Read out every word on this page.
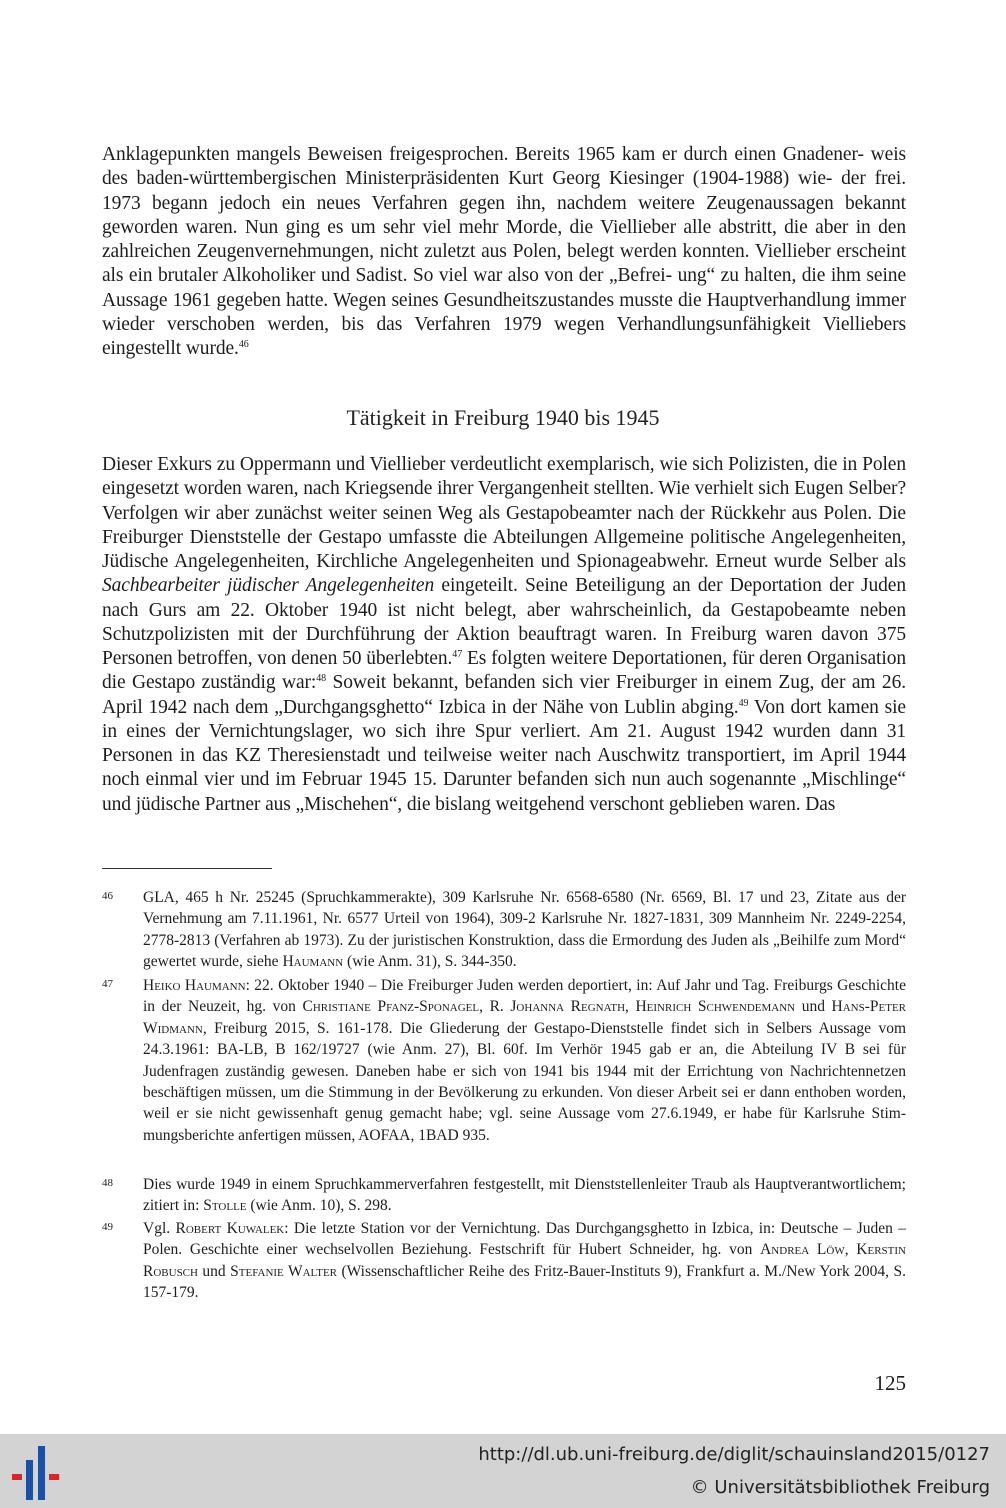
Anklagepunkten mangels Beweisen freigesprochen. Bereits 1965 kam er durch einen Gnadener- weis des baden-württembergischen Ministerpräsidenten Kurt Georg Kiesinger (1904-1988) wie- der frei. 1973 begann jedoch ein neues Verfahren gegen ihn, nachdem weitere Zeugenaussagen bekannt geworden waren. Nun ging es um sehr viel mehr Morde, die Viellieber alle abstritt, die aber in den zahlreichen Zeugenvernehmungen, nicht zuletzt aus Polen, belegt werden konnten. Viellieber erscheint als ein brutaler Alkoholiker und Sadist. So viel war also von der „Befrei- ung“ zu halten, die ihm seine Aussage 1961 gegeben hatte. Wegen seines Gesundheitszustandes musste die Hauptverhandlung immer wieder verschoben werden, bis das Verfahren 1979 wegen Verhandlungsunfähigkeit Vielliebers eingestellt wurde.$^{46}$
Tätigkeit in Freiburg 1940 bis 1945
Dieser Exkurs zu Oppermann und Viellieber verdeutlicht exemplarisch, wie sich Polizisten, die in Polen eingesetzt worden waren, nach Kriegsende ihrer Vergangenheit stellten. Wie verhielt sich Eugen Selber? Verfolgen wir aber zunächst weiter seinen Weg als Gestapobeamter nach der Rückkehr aus Polen. Die Freiburger Dienststelle der Gestapo umfasste die Abteilungen Allgemeine politische Angelegenheiten, Jüdische Angelegenheiten, Kirchliche Angelegenheiten und Spionageabwehr. Erneut wurde Selber als Sachbearbeiter jüdischer Angelegenheiten eingeteilt. Seine Beteiligung an der Deportation der Juden nach Gurs am 22. Oktober 1940 ist nicht belegt, aber wahrscheinlich, da Gestapobeamte neben Schutzpolizisten mit der Durchführung der Aktion beauftragt waren. In Freiburg waren davon 375 Personen betroffen, von denen 50 überlebten.$^{47}$ Es folgten weitere Deportationen, für deren Organisation die Gestapo zuständig war:$^{48}$ Soweit bekannt, befanden sich vier Freiburger in einem Zug, der am 26. April 1942 nach dem „Durchgangsghetto“ Izbica in der Nähe von Lublin abging.$^{49}$ Von dort kamen sie in eines der Vernichtungslager, wo sich ihre Spur verliert. Am 21. August 1942 wurden dann 31 Personen in das KZ Theresienstadt und teilweise weiter nach Auschwitz transportiert, im April 1944 noch einmal vier und im Februar 1945 15. Darunter befanden sich nun auch sogenannte „Mischlinge“ und jüdische Partner aus „Mischehen“, die bislang weitgehend verschont geblieben waren. Das
46 GLA, 465 h Nr. 25245 (Spruchkammerakte), 309 Karlsruhe Nr. 6568-6580 (Nr. 6569, Bl. 17 und 23, Zitate aus der Vernehmung am 7.11.1961, Nr. 6577 Urteil von 1964), 309-2 Karlsruhe Nr. 1827-1831, 309 Mannheim Nr. 2249-2254, 2778-2813 (Verfahren ab 1973). Zu der juristischen Konstruktion, dass die Ermordung des Juden als „Beihilfe zum Mord“ gewertet wurde, siehe Haumann (wie Anm. 31), S. 344-350.
47 Heiko Haumann: 22. Oktober 1940 – Die Freiburger Juden werden deportiert, in: Auf Jahr und Tag. Freiburgs Geschichte in der Neuzeit, hg. von Christiane Pfanz-Sponagel, R. Johanna Regnath, Heinrich Schwendemann und Hans-Peter Widmann, Freiburg 2015, S. 161-178. Die Gliederung der Gestapo-Dienststelle findet sich in Selbers Aussage vom 24.3.1961: BA-LB, B 162/19727 (wie Anm. 27), Bl. 60f. Im Verhör 1945 gab er an, die Abteilung IV B sei für Judenfragen zuständig gewesen. Daneben habe er sich von 1941 bis 1944 mit der Errichtung von Nachrichtennetzen beschäftigen müssen, um die Stimmung in der Bevölkerung zu erkunden. Von dieser Arbeit sei er dann enthoben worden, weil er sie nicht gewissenhaft genug gemacht habe; vgl. seine Aussage vom 27.6.1949, er habe für Karlsruhe Stimmungsberichte anfertigen müssen, AOFAA, 1BAD 935.
48 Dies wurde 1949 in einem Spruchkammerverfahren festgestellt, mit Dienststellenleiter Traub als Hauptverantwortlichem; zitiert in: Stolle (wie Anm. 10), S. 298.
49 Vgl. Robert Kuwalek: Die letzte Station vor der Vernichtung. Das Durchgangsghetto in Izbica, in: Deutsche – Juden – Polen. Geschichte einer wechselvollen Beziehung. Festschrift für Hubert Schneider, hg. von Andrea Löw, Kerstin Robusch und Stefanie Walter (Wissenschaftlicher Reihe des Fritz-Bauer-Instituts 9), Frankfurt a. M./New York 2004, S. 157-179.
125
http://dl.ub.uni-freiburg.de/diglit/schauinsland2015/0127
© Universitätsbibliothek Freiburg
